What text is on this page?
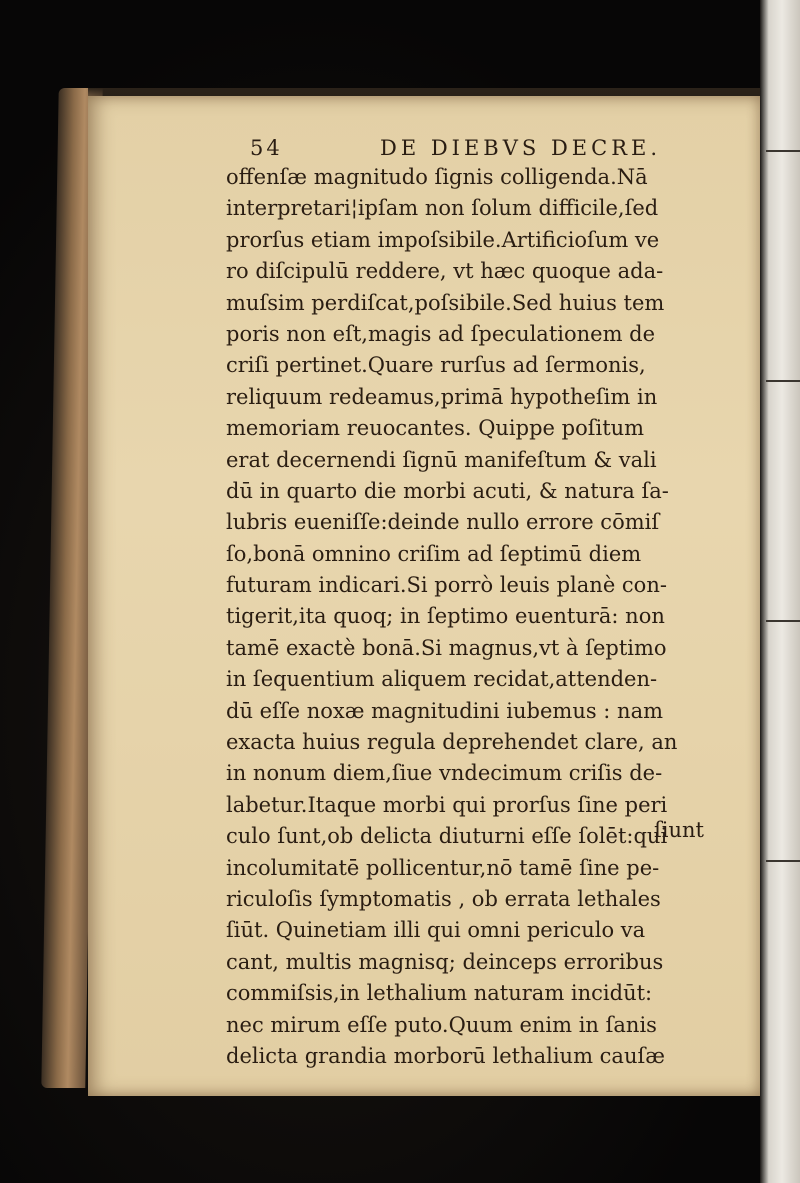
54	DE DIEBVS DECRE.
offenſæ magnitudo ſignis colligenda.Nā
interpretari¦ipſam non ſolum difficile,ſed
prorſus etiam impoſsibile.Artificioſum ve
ro diſcipulū reddere, vt hæc quoque ada-
muſsim perdiſcat,poſsibile.Sed huius tem
poris non eſt,magis ad ſpeculationem de
criſi pertinet.Quare rurſus ad ſermonis,
reliquum redeamus,primā hypotheſim in
memoriam reuocantes. Quippe poſitum
erat decernendi ſignū manifeſtum & vali
dū in quarto die morbi acuti, & natura ſa-
lubris eueniſſe:deinde nullo errore cōmiſ
ſo,bonā omnino criſim ad ſeptimū diem
futuram indicari.Si porrò leuis planè con-
tigerit,ita quoq; in ſeptimo euenturā: non
tamē exactè bonā.Si magnus,vt à ſeptimo
in ſequentium aliquem recidat,attenden-
dū eſſe noxæ magnitudini iubemus : nam
exacta huius regula deprehendet clare, an
in nonum diem,ſiue vndecimum criſis de-
labetur.Itaque morbi qui prorſus ſine peri
culo ſunt,ob delicta diuturni eſſe ſolēt:qui
incolumitatē pollicentur,nō tamē ſine pe-
riculoſis ſymptomatis , ob errata lethales
ſiūt. Quinetiam illi qui omni periculo va
cant, multis magnisq; deinceps erroribus
commiſsis,in lethalium naturam incidūt:
nec mirum eſſe puto.Quum enim in ſanis
delicta grandia morborū lethalium cauſæ
ſiunt
